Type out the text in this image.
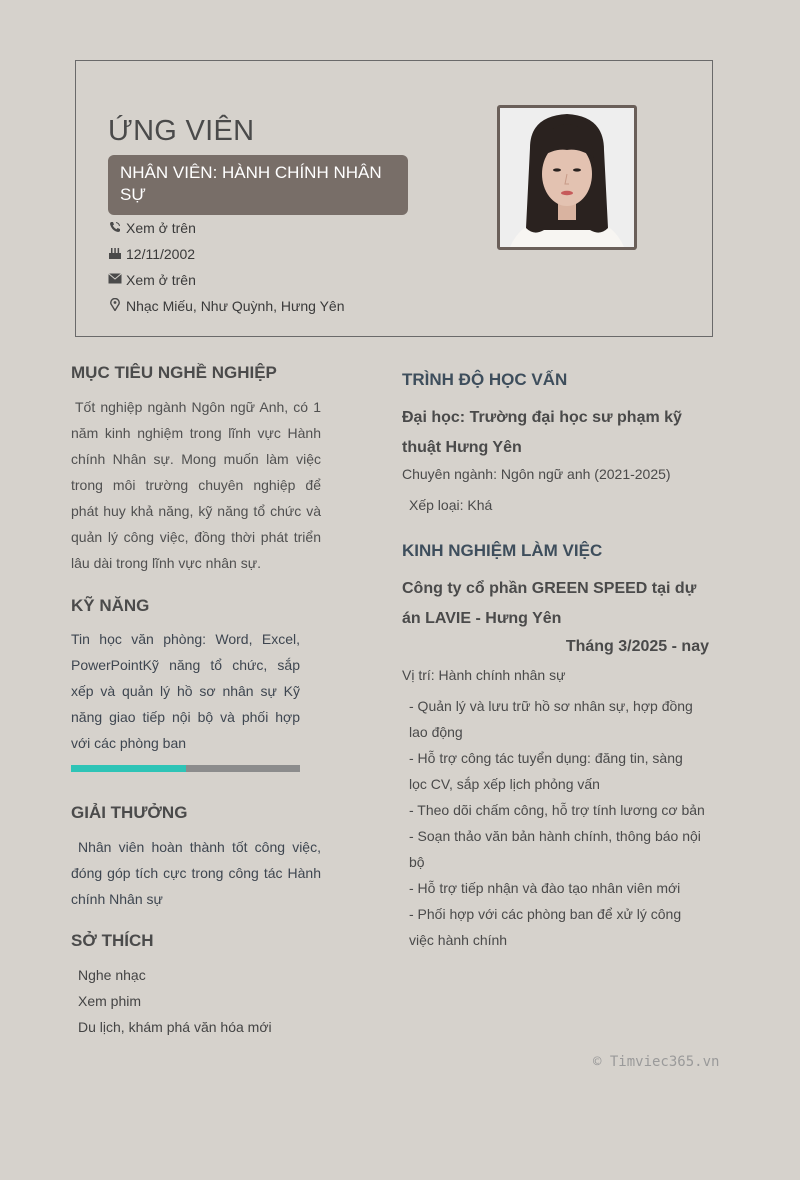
ỨNG VIÊN
NHÂN VIÊN: HÀNH CHÍNH NHÂN SỰ
Xem ở trên
12/11/2002
Xem ở trên
Nhạc Miếu, Như Quỳnh, Hưng Yên
MỤC TIÊU NGHỀ NGHIỆP
Tốt nghiệp ngành Ngôn ngữ Anh, có 1 năm kinh nghiệm trong lĩnh vực Hành chính Nhân sự. Mong muốn làm việc trong môi trường chuyên nghiệp để phát huy khả năng, kỹ năng tổ chức và quản lý công việc, đồng thời phát triển lâu dài trong lĩnh vực nhân sự.
KỸ NĂNG
Tin học văn phòng: Word, Excel, PowerPointKỹ năng tổ chức, sắp xếp và quản lý hồ sơ nhân sự Kỹ năng giao tiếp nội bộ và phối hợp với các phòng ban
GIẢI THƯỞNG
Nhân viên hoàn thành tốt công việc, đóng góp tích cực trong công tác Hành chính Nhân sự
SỞ THÍCH
Nghe nhạc
Xem phim
Du lịch, khám phá văn hóa mới
TRÌNH ĐỘ HỌC VẤN
Đại học: Trường đại học sư phạm kỹ thuật Hưng Yên
Chuyên ngành: Ngôn ngữ anh (2021-2025)
Xếp loại: Khá
KINH NGHIỆM LÀM VIỆC
Công ty cổ phần GREEN SPEED tại dự án LAVIE - Hưng Yên
Tháng 3/2025 - nay
Vị trí: Hành chính nhân sự
- Quản lý và lưu trữ hồ sơ nhân sự, hợp đồng lao động
- Hỗ trợ công tác tuyển dụng: đăng tin, sàng lọc CV, sắp xếp lịch phỏng vấn
- Theo dõi chấm công, hỗ trợ tính lương cơ bản
- Soạn thảo văn bản hành chính, thông báo nội bộ
- Hỗ trợ tiếp nhận và đào tạo nhân viên mới
- Phối hợp với các phòng ban để xử lý công việc hành chính
© Timviec365.vn
